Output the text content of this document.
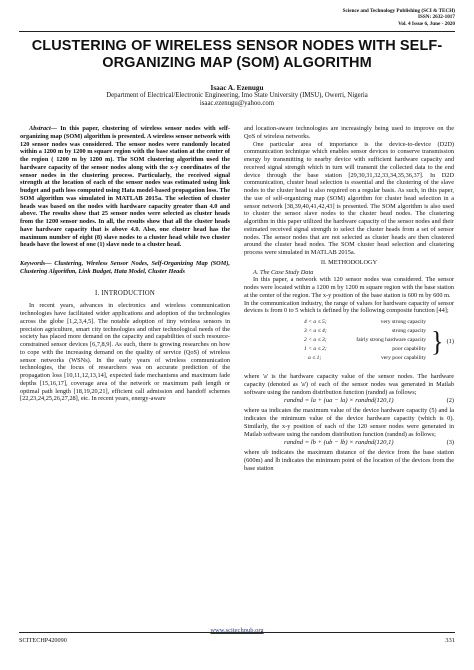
Science and Technology Publishing (SCI & TECH)
ISSN: 2632-1017
Vol. 4 Issue 6, June - 2020
CLUSTERING OF WIRELESS SENSOR NODES WITH SELF-ORGANIZING MAP (SOM) ALGORITHM
Isaac A. Ezenugu
Department of Electrical/Electronic Engineering, Imo State University (IMSU), Owerri, Nigeria
isaac.ezenugu@yahoo.com

Abstract— In this paper, clustering of wireless sensor nodes with self-organizing map (SOM) algorithm is presented. A wireless sensor network with 120 sensor nodes was considered. The sensor nodes were randomly located within a 1200 m by 1200 m square region with the base station at the center of the region ( 1200 m by 1200 m). The SOM clustering algorithm used the hardware capacity of the sensor nodes along with the x-y coordinates of the sensor nodes in the clustering process. Particularly, the received signal strength at the location of each of the sensor nodes was estimated using link budget and path loss computed using Hata model-based propagation loss. The SOM algorithm was simulated in MATLAB 2015a. The selection of cluster heads was based on the nodes with hardware capacity greater than 4.0 and above. The results show that 25 sensor nodes were selected as cluster heads from the 1200 sensor nodes. In all, the results show that all the cluster heads have hardware capacity that is above 4.0. Also, one cluster head has the maximum number of eight (8) slave nodes to a cluster head while two cluster heads have the lowest of one (1) slave node to a cluster head.

Keywords— Clustering, Wireless Sensor Nodes, Self-Organizing Map (SOM), Clustering Algorithm, Link Budget, Hata Model, Cluster Heads

I. INTRODUCTION

In recent years, advances in electronics and wireless communication technologies have facilitated wider applications and adoption of the technologies across the globe [1,2,3,4,5]. The notable adoption of tiny wireless sensors in precision agriculture, smart city technologies and other technological needs of the society has placed more demand on the capacity and capabilities of such resource-constrained sensor devices [6,7,8,9]. As such, there is growing researches on how to cope with the increasing demand on the quality of service (QoS) of wireless sensor networks (WSNs). In the early years of wireless communication technologies, the focus of researchers was on accurate prediction of the propagation loss [10,11,12,13,14], expected fade mechanisms and maximum fade depths [15,16,17], coverage area of the network or maximum path length or optimal path length [18,19,20,21], efficient call admission and handoff schemes [22,23,24,25,26,27,28], etc. In recent years, energy-aware

and location-aware technologies are increasingly being used to improve on the QoS of wireless networks.

One particular area of importance is the device-to-device (D2D) communication technique which enables sensor devices to conserve transmission energy by transmitting to nearby device with sufficient hardware capacity and received signal strength which in turn will transmit the collected data to the end device through the base station [29,30,31,32,33,34,35,36,37]. In D2D communication, cluster head selection is essential and the clustering of the slave nodes to the cluster head is also required on a regular basis. As such, in this paper, the use of self-organizing map (SOM) algorithm for cluster head selection in a sensor network [38,39,40,41,42,43] is presented. The SOM algorithm is also used to cluster the sensor slave nodes to the cluster head nodes. The clustering algorithm in this paper utilized the hardware capacity of the sensor nodes and their estimated received signal strength to select the cluster heads from a set of sensor nodes. The sensor nodes that are not selected as cluster heads are then clustered around the cluster head nodes. The SOM cluster head selection and clustering process were simulated in MATLAB 2015a.

II. METHODOLOGY

A. The Case Study Data

In this paper, a network with 120 sensor nodes was considered. The sensor nodes were located within a 1200 m by 1200 m square region with the base station at the center of the region. The x-y position of the base station is 600 m by 600 m.

In the communication industry, the range of values for hardware capacity of sensor devices is from 0 to 5 which is defined by the following composite function [44];

4 < a ≤ 5;	very strong capacity
3 < a ≤ 4;	strong capacity
2 < a ≤ 3;	fairly strong hardware capacity
1 < a ≤ 2;	poor capability
a ≤ 1;	very poor capability
} (1)

where 'a' is the hardware capacity value of the sensor nodes. The hardware capacity (denoted as 'a') of each of the sensor nodes was generated in Matlab software using the random distribution function (randnd) as follows;

randnd = la + (ua − la) × randnd(120,1)	(2)

where ua indicates the maximum value of the device hardware capacity (5) and la indicates the minimum value of the device hardware capacity (which is 0). Similarly, the x-y position of each of the 120 sensor nodes were generated in Matlab software using the random distribution function (randnd) as follows;

randnd = lb + (ub − lb) × randnd(120,1)	(3)

where ub indicates the maximum distance of the device from the base station (600m) and lb indicates the minimum point of the location of the devices from the base station

www.scitechpub.org
SCITECHP420090	331
